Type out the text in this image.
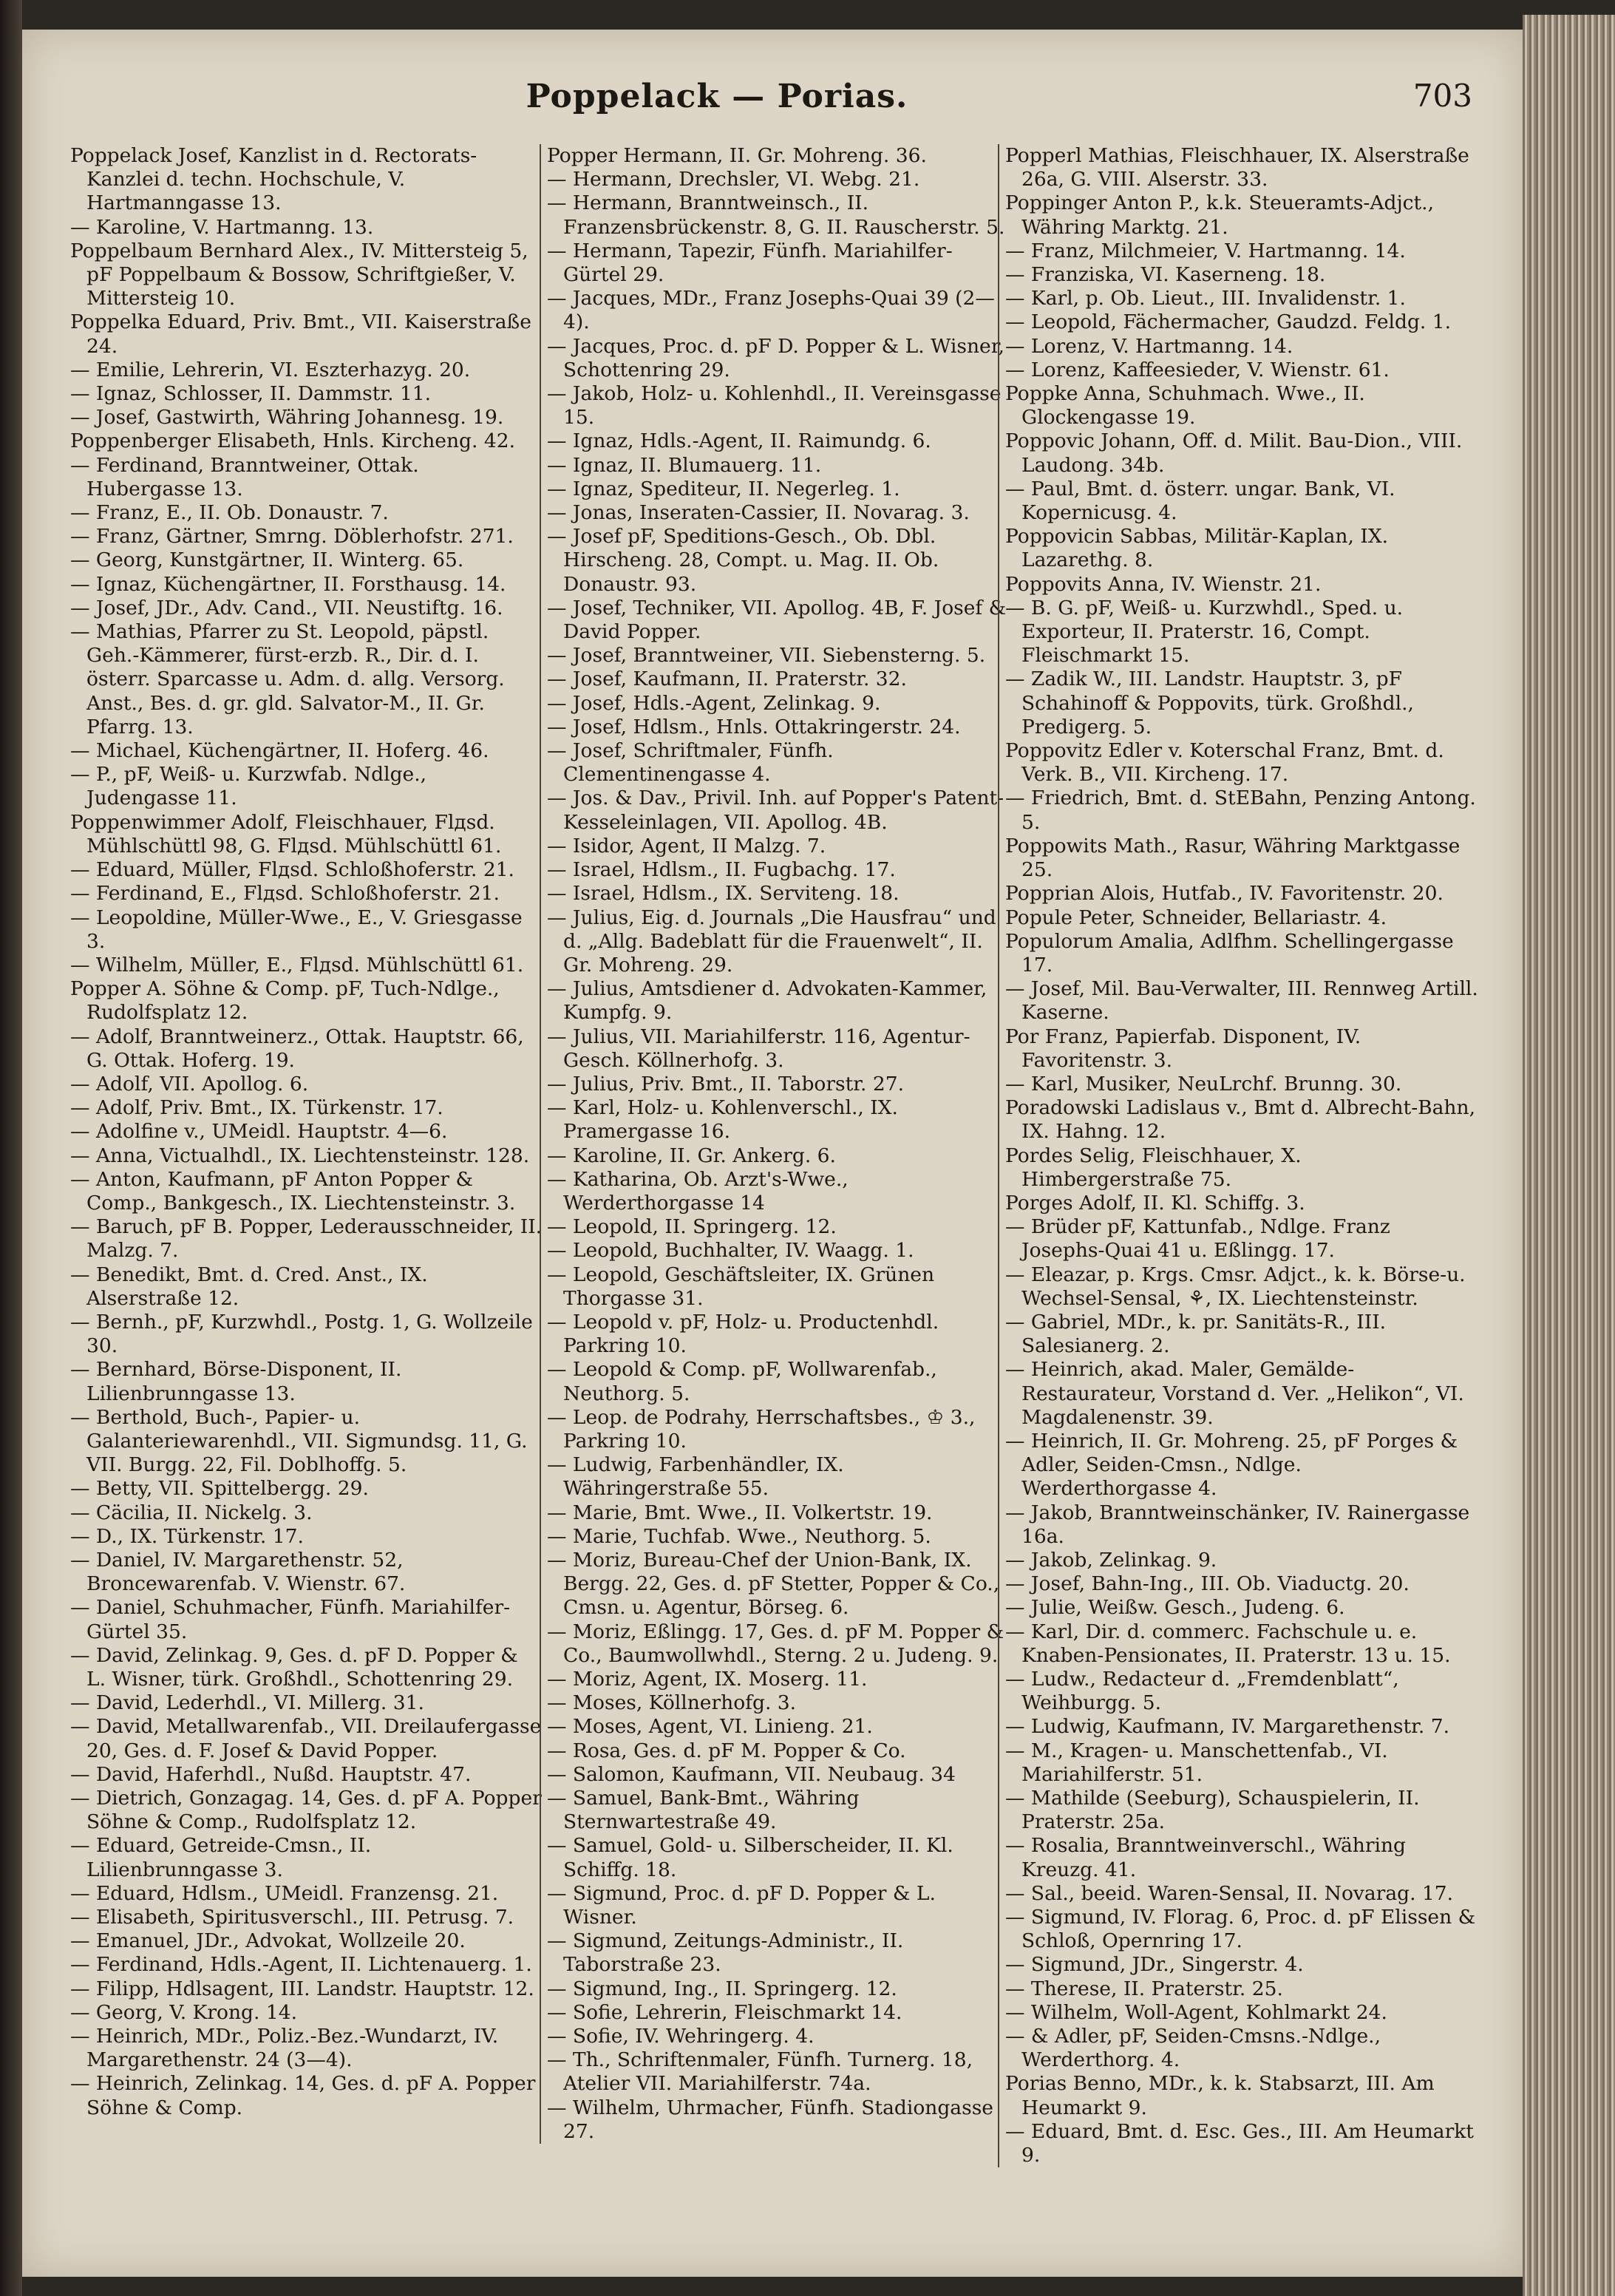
Poppelack — Porias.	703

Poppelack Josef, Kanzlist in d. Rectorats-Kanzlei d. techn. Hochschule, V. Hartmanngasse 13.

— Karoline, V. Hartmanng. 13.

Poppelbaum Bernhard Alex., IV. Mittersteig 5, pF Poppelbaum & Bossow, Schriftgießer, V. Mittersteig 10.

Poppelka Eduard, Priv. Bmt., VII. Kaiserstraße 24.

— Emilie, Lehrerin, VI. Eszterhazyg. 20.

— Ignaz, Schlosser, II. Dammstr. 11.

— Josef, Gastwirth, Währing Johannesg. 19.

Poppenberger Elisabeth, Hnls. Kircheng. 42.

— Ferdinand, Branntweiner, Ottak. Hubergasse 13.

— Franz, E., II. Ob. Donaustr. 7.

— Franz, Gärtner, Smrng. Döblerhofstr. 271.

— Georg, Kunstgärtner, II. Winterg. 65.

— Ignaz, Küchengärtner, II. Forsthausg. 14.

— Josef, JDr., Adv. Cand., VII. Neustiftg. 16.

— Mathias, Pfarrer zu St. Leopold, päpstl. Geh.-Kämmerer, fürst-erzb. R., Dir. d. I. österr. Sparcasse u. Adm. d. allg. Versorg. Anst., Bes. d. gr. gld. Salvator-M., II. Gr. Pfarrg. 13.

— Michael, Küchengärtner, II. Hoferg. 46.

— P., pF, Weiß- u. Kurzwfab. Ndlge., Judengasse 11.

Poppenwimmer Adolf, Fleischhauer, Flдsd. Mühlschüttl 98, G. Flдsd. Mühlschüttl 61.

— Eduard, Müller, Flдsd. Schloßhoferstr. 21.

— Ferdinand, E., Flдsd. Schloßhoferstr. 21.

— Leopoldine, Müller-Wwe., E., V. Griesgasse 3.

— Wilhelm, Müller, E., Flдsd. Mühlschüttl 61.

Popper A. Söhne & Comp. pF, Tuch-Ndlge., Rudolfsplatz 12.

— Adolf, Branntweinerz., Ottak. Hauptstr. 66, G. Ottak. Hoferg. 19.

— Adolf, VII. Apollog. 6.

— Adolf, Priv. Bmt., IX. Türkenstr. 17.

— Adolfine v., UMeidl. Hauptstr. 4—6.

— Anna, Victualhdl., IX. Liechtensteinstr. 128.

— Anton, Kaufmann, pF Anton Popper & Comp., Bankgesch., IX. Liechtensteinstr. 3.

— Baruch, pF B. Popper, Lederausschneider, II. Malzg. 7.

— Benedikt, Bmt. d. Cred. Anst., IX. Alserstraße 12.

— Bernh., pF, Kurzwhdl., Postg. 1, G. Wollzeile 30.

— Bernhard, Börse-Disponent, II. Lilienbrunngasse 13.

— Berthold, Buch-, Papier- u. Galanteriewarenhdl., VII. Sigmundsg. 11, G. VII. Burgg. 22, Fil. Doblhoffg. 5.

— Betty, VII. Spittelbergg. 29.

— Cäcilia, II. Nickelg. 3.

— D., IX. Türkenstr. 17.

— Daniel, IV. Margarethenstr. 52, Broncewarenfab. V. Wienstr. 67.

— Daniel, Schuhmacher, Fünfh. Mariahilfer-Gürtel 35.

— David, Zelinkag. 9, Ges. d. pF D. Popper & L. Wisner, türk. Großhdl., Schottenring 29.

— David, Lederhdl., VI. Millerg. 31.

— David, Metallwarenfab., VII. Dreilaufergasse 20, Ges. d. F. Josef & David Popper.

— David, Haferhdl., Nußd. Hauptstr. 47.

— Dietrich, Gonzagag. 14, Ges. d. pF A. Popper Söhne & Comp., Rudolfsplatz 12.

— Eduard, Getreide-Cmsn., II. Lilienbrunngasse 3.

— Eduard, Hdlsm., UMeidl. Franzensg. 21.

— Elisabeth, Spiritusverschl., III. Petrusg. 7.

— Emanuel, JDr., Advokat, Wollzeile 20.

— Ferdinand, Hdls.-Agent, II. Lichtenauerg. 1.

— Filipp, Hdlsagent, III. Landstr. Hauptstr. 12.

— Georg, V. Krong. 14.

— Heinrich, MDr., Poliz.-Bez.-Wundarzt, IV. Margarethenstr. 24 (3—4).

— Heinrich, Zelinkag. 14, Ges. d. pF A. Popper Söhne & Comp.

Popper Hermann, II. Gr. Mohreng. 36.

— Hermann, Drechsler, VI. Webg. 21.

— Hermann, Branntweinsch., II. Franzensbrückenstr. 8, G. II. Rauscherstr. 5.

— Hermann, Tapezir, Fünfh. Mariahilfer-Gürtel 29.

— Jacques, MDr., Franz Josephs-Quai 39 (2—4).

— Jacques, Proc. d. pF D. Popper & L. Wisner, Schottenring 29.

— Jakob, Holz- u. Kohlenhdl., II. Vereinsgasse 15.

— Ignaz, Hdls.-Agent, II. Raimundg. 6.

— Ignaz, II. Blumauerg. 11.

— Ignaz, Spediteur, II. Negerleg. 1.

— Jonas, Inseraten-Cassier, II. Novarag. 3.

— Josef pF, Speditions-Gesch., Ob. Dbl. Hirscheng. 28, Compt. u. Mag. II. Ob. Donaustr. 93.

— Josef, Techniker, VII. Apollog. 4B, F. Josef & David Popper.

— Josef, Branntweiner, VII. Siebensterng. 5.

— Josef, Kaufmann, II. Praterstr. 32.

— Josef, Hdls.-Agent, Zelinkag. 9.

— Josef, Hdlsm., Hnls. Ottakringerstr. 24.

— Josef, Schriftmaler, Fünfh. Clementinengasse 4.

— Jos. & Dav., Privil. Inh. auf Popper's Patent-Kesseleinlagen, VII. Apollog. 4B.

— Isidor, Agent, II Malzg. 7.

— Israel, Hdlsm., II. Fugbachg. 17.

— Israel, Hdlsm., IX. Serviteng. 18.

— Julius, Eig. d. Journals „Die Hausfrau“ und d. „Allg. Badeblatt für die Frauenwelt“, II. Gr. Mohreng. 29.

— Julius, Amtsdiener d. Advokaten-Kammer, Kumpfg. 9.

— Julius, VII. Mariahilferstr. 116, Agentur-Gesch. Köllnerhofg. 3.

— Julius, Priv. Bmt., II. Taborstr. 27.

— Karl, Holz- u. Kohlenverschl., IX. Pramergasse 16.

— Karoline, II. Gr. Ankerg. 6.

— Katharina, Ob. Arzt's-Wwe., Werderthorgasse 14

— Leopold, II. Springerg. 12.

— Leopold, Buchhalter, IV. Waagg. 1.

— Leopold, Geschäftsleiter, IX. Grünen Thorgasse 31.

— Leopold v. pF, Holz- u. Productenhdl. Parkring 10.

— Leopold & Comp. pF, Wollwarenfab., Neuthorg. 5.

— Leop. de Podrahy, Herrschaftsbes., ♔ 3., Parkring 10.

— Ludwig, Farbenhändler, IX. Währingerstraße 55.

— Marie, Bmt. Wwe., II. Volkertstr. 19.

— Marie, Tuchfab. Wwe., Neuthorg. 5.

— Moriz, Bureau-Chef der Union-Bank, IX. Bergg. 22, Ges. d. pF Stetter, Popper & Co., Cmsn. u. Agentur, Börseg. 6.

— Moriz, Eßlingg. 17, Ges. d. pF M. Popper & Co., Baumwollwhdl., Sterng. 2 u. Judeng. 9.

— Moriz, Agent, IX. Moserg. 11.

— Moses, Köllnerhofg. 3.

— Moses, Agent, VI. Linieng. 21.

— Rosa, Ges. d. pF M. Popper & Co.

— Salomon, Kaufmann, VII. Neubaug. 34

— Samuel, Bank-Bmt., Währing Sternwartestraße 49.

— Samuel, Gold- u. Silberscheider, II. Kl. Schiffg. 18.

— Sigmund, Proc. d. pF D. Popper & L. Wisner.

— Sigmund, Zeitungs-Administr., II. Taborstraße 23.

— Sigmund, Ing., II. Springerg. 12.

— Sofie, Lehrerin, Fleischmarkt 14.

— Sofie, IV. Wehringerg. 4.

— Th., Schriftenmaler, Fünfh. Turnerg. 18, Atelier VII. Mariahilferstr. 74a.

— Wilhelm, Uhrmacher, Fünfh. Stadiongasse 27.

Popperl Mathias, Fleischhauer, IX. Alserstraße 26a, G. VIII. Alserstr. 33.

Poppinger Anton P., k.k. Steueramts-Adjct., Währing Marktg. 21.

— Franz, Milchmeier, V. Hartmanng. 14.

— Franziska, VI. Kaserneng. 18.

— Karl, p. Ob. Lieut., III. Invalidenstr. 1.

— Leopold, Fächermacher, Gaudzd. Feldg. 1.

— Lorenz, V. Hartmanng. 14.

— Lorenz, Kaffeesieder, V. Wienstr. 61.

Poppke Anna, Schuhmach. Wwe., II. Glockengasse 19.

Poppovic Johann, Off. d. Milit. Bau-Dion., VIII. Laudong. 34b.

— Paul, Bmt. d. österr. ungar. Bank, VI. Kopernicusg. 4.

Poppovicin Sabbas, Militär-Kaplan, IX. Lazarethg. 8.

Poppovits Anna, IV. Wienstr. 21.

— B. G. pF, Weiß- u. Kurzwhdl., Sped. u. Exporteur, II. Praterstr. 16, Compt. Fleischmarkt 15.

— Zadik W., III. Landstr. Hauptstr. 3, pF Schahinoff & Poppovits, türk. Großhdl., Predigerg. 5.

Poppovitz Edler v. Koterschal Franz, Bmt. d. Verk. B., VII. Kircheng. 17.

— Friedrich, Bmt. d. StEBahn, Penzing Antong. 5.

Poppowits Math., Rasur, Währing Marktgasse 25.

Popprian Alois, Hutfab., IV. Favoritenstr. 20.

Popule Peter, Schneider, Bellariastr. 4.

Populorum Amalia, Adlfhm. Schellingergasse 17.

— Josef, Mil. Bau-Verwalter, III. Rennweg Artill. Kaserne.

Por Franz, Papierfab. Disponent, IV. Favoritenstr. 3.

— Karl, Musiker, NeuLrchf. Brunng. 30.

Poradowski Ladislaus v., Bmt d. Albrecht-Bahn, IX. Hahng. 12.

Pordes Selig, Fleischhauer, X. Himbergerstraße 75.

Porges Adolf, II. Kl. Schiffg. 3.

— Brüder pF, Kattunfab., Ndlge. Franz Josephs-Quai 41 u. Eßlingg. 17.

— Eleazar, p. Krgs. Cmsr. Adjct., k. k. Börse-u. Wechsel-Sensal, ⚘, IX. Liechtensteinstr.

— Gabriel, MDr., k. pr. Sanitäts-R., III. Salesianerg. 2.

— Heinrich, akad. Maler, Gemälde-Restaurateur, Vorstand d. Ver. „Helikon“, VI. Magdalenenstr. 39.

— Heinrich, II. Gr. Mohreng. 25, pF Porges & Adler, Seiden-Cmsn., Ndlge. Werderthorgasse 4.

— Jakob, Branntweinschänker, IV. Rainergasse 16a.

— Jakob, Zelinkag. 9.

— Josef, Bahn-Ing., III. Ob. Viaductg. 20.

— Julie, Weißw. Gesch., Judeng. 6.

— Karl, Dir. d. commerc. Fachschule u. e. Knaben-Pensionates, II. Praterstr. 13 u. 15.

— Ludw., Redacteur d. „Fremdenblatt“, Weihburgg. 5.

— Ludwig, Kaufmann, IV. Margarethenstr. 7.

— M., Kragen- u. Manschettenfab., VI. Mariahilferstr. 51.

— Mathilde (Seeburg), Schauspielerin, II. Praterstr. 25a.

— Rosalia, Branntweinverschl., Währing Kreuzg. 41.

— Sal., beeid. Waren-Sensal, II. Novarag. 17.

— Sigmund, IV. Florag. 6, Proc. d. pF Elissen & Schloß, Opernring 17.

— Sigmund, JDr., Singerstr. 4.

— Therese, II. Praterstr. 25.

— Wilhelm, Woll-Agent, Kohlmarkt 24.

— & Adler, pF, Seiden-Cmsns.-Ndlge., Werderthorg. 4.

Porias Benno, MDr., k. k. Stabsarzt, III. Am Heumarkt 9.

— Eduard, Bmt. d. Esc. Ges., III. Am Heumarkt 9.
